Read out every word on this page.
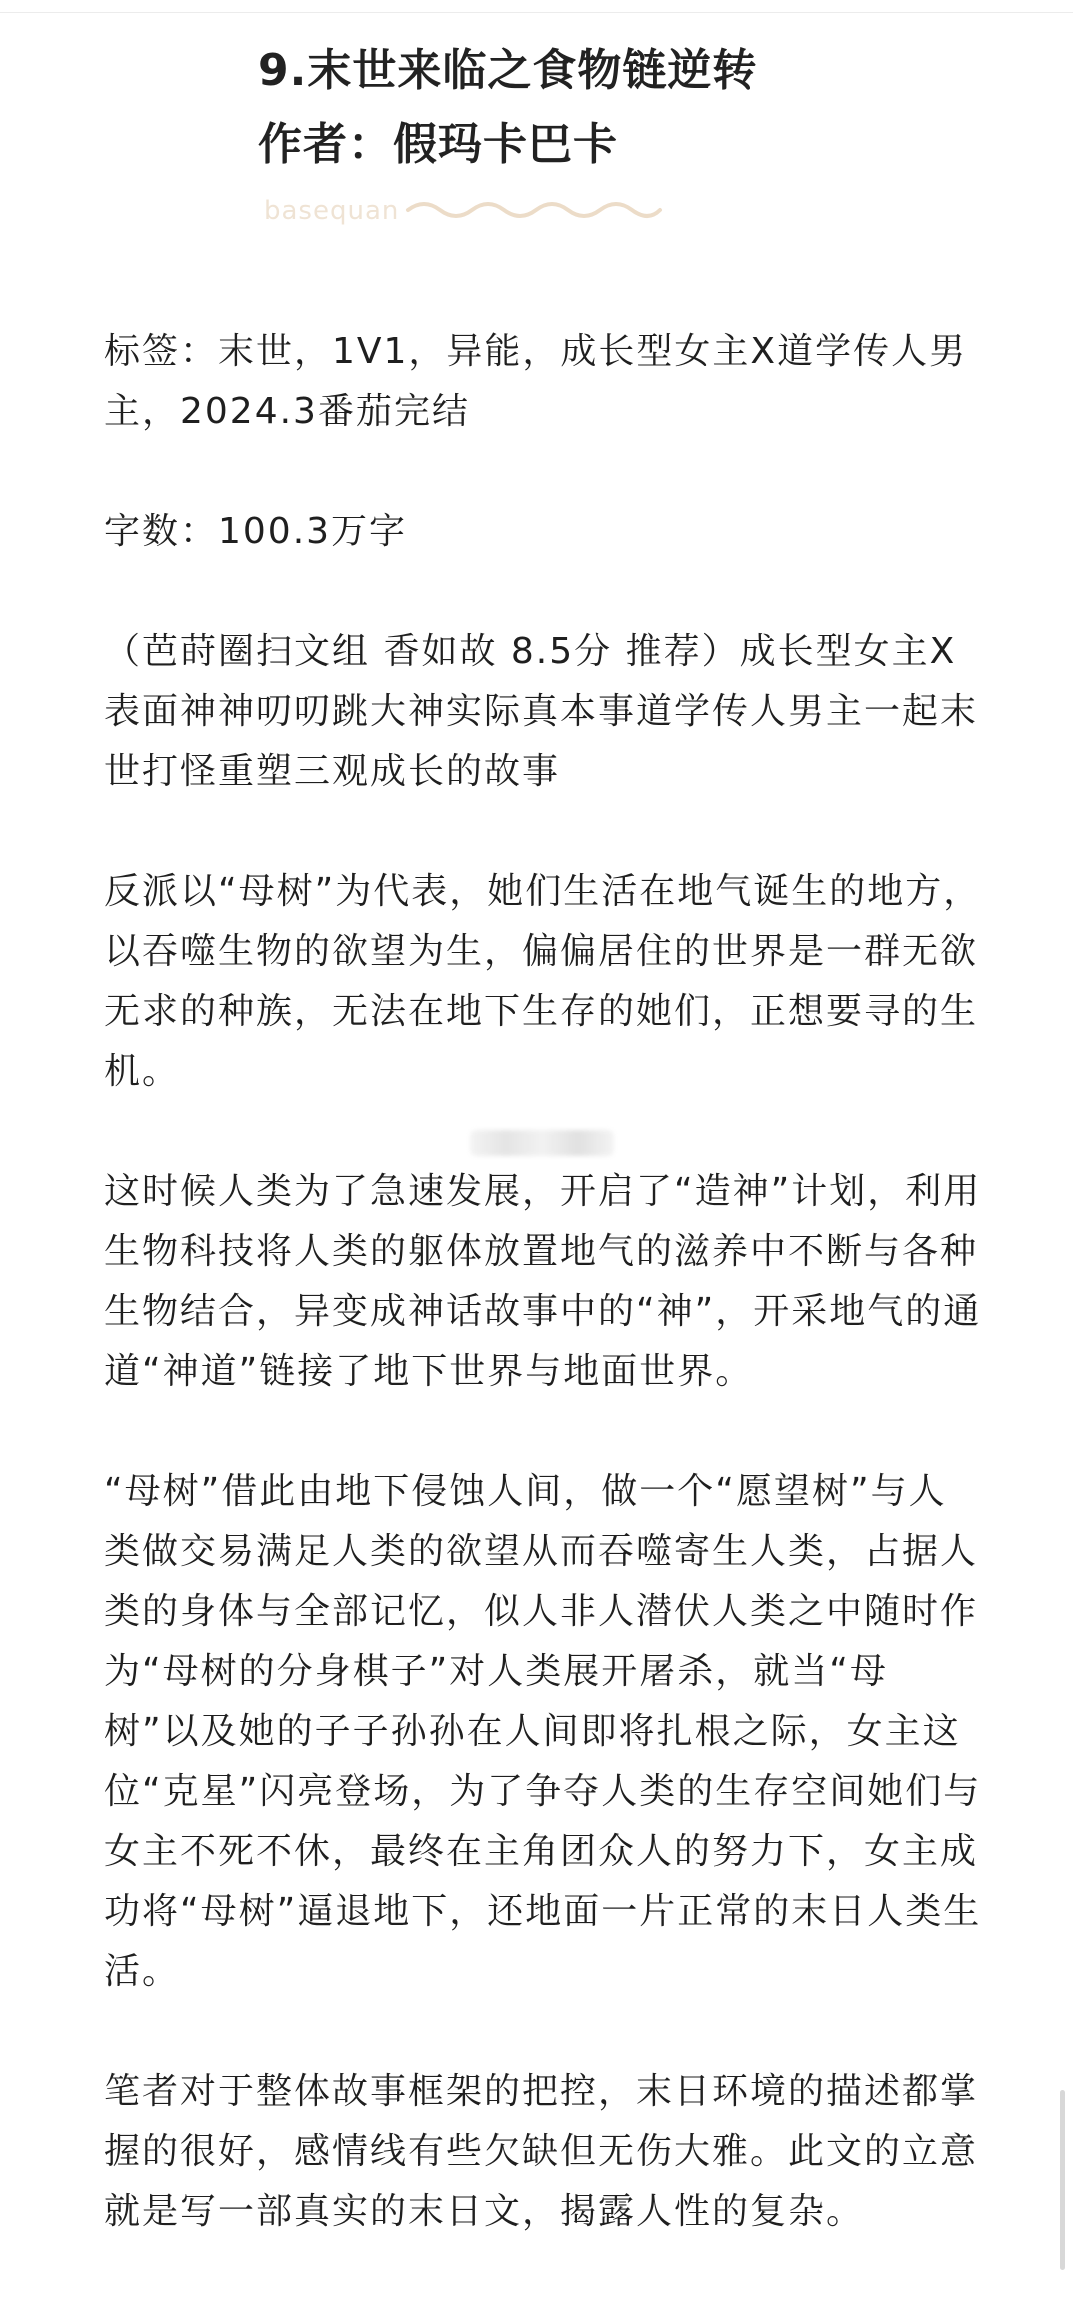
9.末世来临之食物链逆转
作者：假玛卡巴卡
basequan

标签：末世，1V1，异能，成长型女主X道学传人男主，2024.3番茄完结

字数：100.3万字

（芭莳圈扫文组 香如故 8.5分 推荐）成长型女主X表面神神叨叨跳大神实际真本事道学传人男主一起末世打怪重塑三观成长的故事

反派以“母树”为代表，她们生活在地气诞生的地方，以吞噬生物的欲望为生，偏偏居住的世界是一群无欲无求的种族，无法在地下生存的她们，正想要寻的生机。

这时候人类为了急速发展，开启了“造神”计划，利用生物科技将人类的躯体放置地气的滋养中不断与各种生物结合，异变成神话故事中的“神”，开采地气的通道“神道”链接了地下世界与地面世界。

“母树”借此由地下侵蚀人间，做一个“愿望树”与人类做交易满足人类的欲望从而吞噬寄生人类，占据人类的身体与全部记忆，似人非人潜伏人类之中随时作为“母树的分身棋子”对人类展开屠杀，就当“母树”以及她的子子孙孙在人间即将扎根之际，女主这位“克星”闪亮登场，为了争夺人类的生存空间她们与女主不死不休，最终在主角团众人的努力下，女主成功将“母树”逼退地下，还地面一片正常的末日人类生活。

笔者对于整体故事框架的把控，末日环境的描述都掌握的很好，感情线有些欠缺但无伤大雅。此文的立意就是写一部真实的末日文，揭露人性的复杂。
